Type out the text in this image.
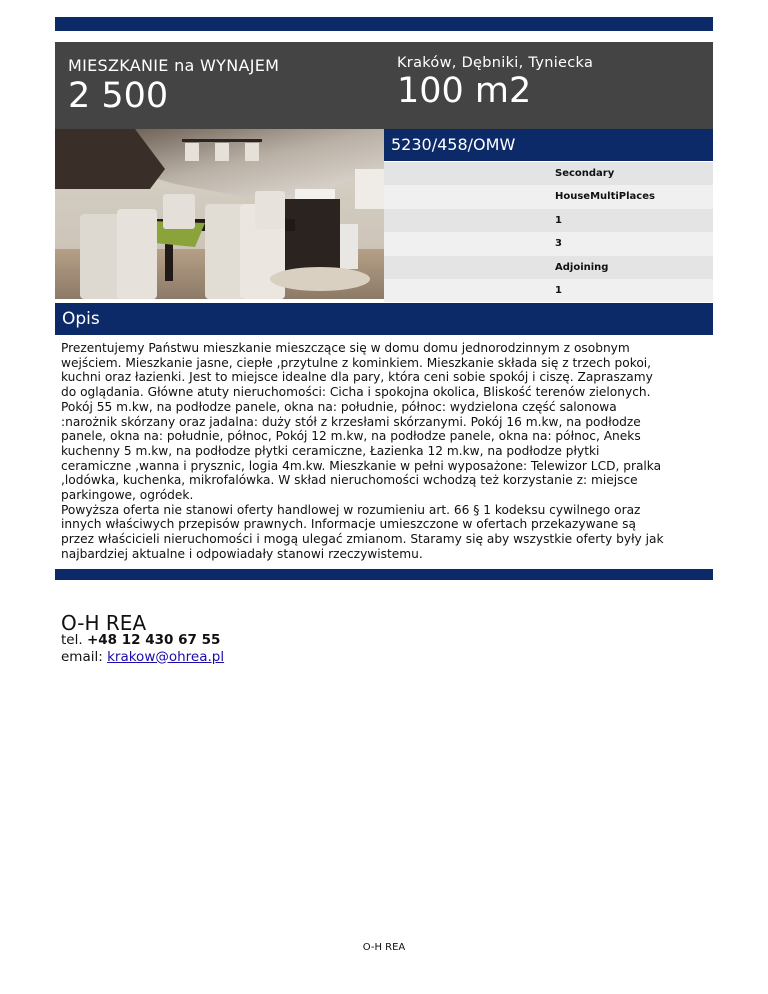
MIESZKANIE na WYNAJEM
2 500
Kraków, Dębniki, Tyniecka
100 m2
5230/458/OMW
Secondary
HouseMultiPlaces
1
3
Adjoining
1
Opis
Prezentujemy Państwu mieszkanie mieszczące się w domu domu jednorodzinnym z osobnym
wejściem. Mieszkanie jasne, ciepłe ,przytulne z kominkiem. Mieszkanie składa się z trzech pokoi,
kuchni oraz łazienki. Jest to miejsce idealne dla pary, która ceni sobie spokój i ciszę. Zapraszamy
do oglądania. Główne atuty nieruchomości: Cicha i spokojna okolica, Bliskość terenów zielonych.
Pokój 55 m.kw, na podłodze panele, okna na: południe, północ: wydzielona część salonowa
:narożnik skórzany oraz jadalna: duży stół z krzesłami skórzanymi. Pokój 16 m.kw, na podłodze
panele, okna na: południe, północ, Pokój 12 m.kw, na podłodze panele, okna na: północ, Aneks
kuchenny 5 m.kw, na podłodze płytki ceramiczne, Łazienka 12 m.kw, na podłodze płytki
ceramiczne ,wanna i prysznic, logia 4m.kw. Mieszkanie w pełni wyposażone: Telewizor LCD, pralka
,lodówka, kuchenka, mikrofalówka. W skład nieruchomości wchodzą też korzystanie z: miejsce
parkingowe, ogródek.
Powyższa oferta nie stanowi oferty handlowej w rozumieniu art. 66 § 1 kodeksu cywilnego oraz
innych właściwych przepisów prawnych. Informacje umieszczone w ofertach przekazywane są
przez właścicieli nieruchomości i mogą ulegać zmianom. Staramy się aby wszystkie oferty były jak
najbardziej aktualne i odpowiadały stanowi rzeczywistemu.
O-H REA
tel. +48 12 430 67 55
email: krakow@ohrea.pl
O-H REA
